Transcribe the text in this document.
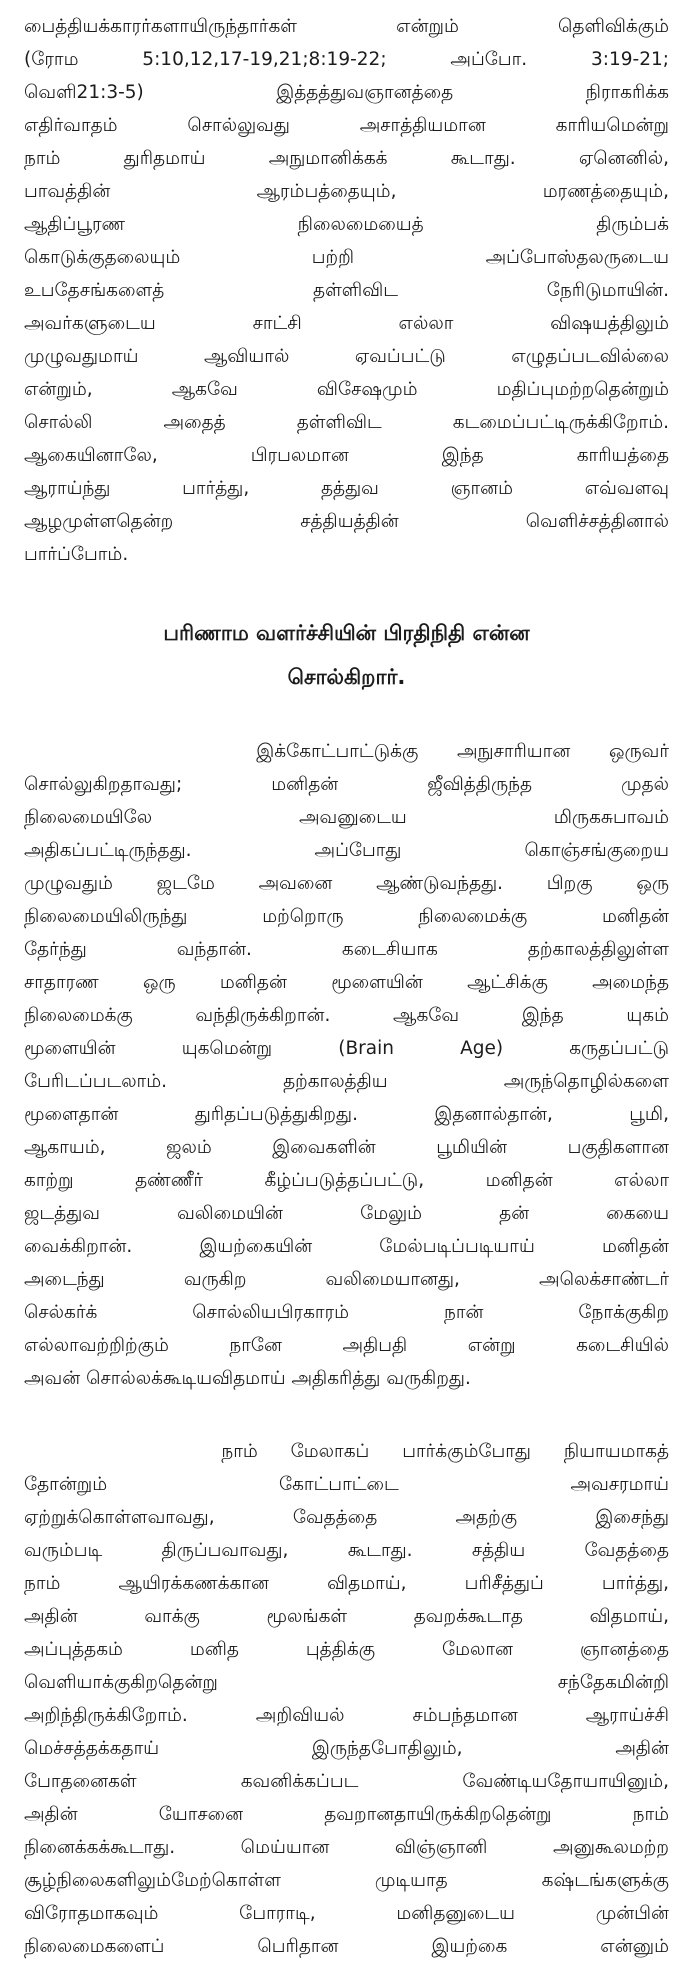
பைத்தியக்காரர்களாயிருந்தார்கள் என்றும் தெளிவிக்கும்
(ரோம 5:10,12,17-19,21;8:19-22; அப்போ. 3:19-21;
வெளி21:3-5) இத்தத்துவஞானத்தை நிராகரிக்க
எதிர்வாதம் சொல்லுவது அசாத்தியமான காரியமென்று
நாம் துரிதமாய் அநுமானிக்கக் கூடாது. ஏனெனில்,
பாவத்தின் ஆரம்பத்தையும், மரணத்தையும்,
ஆதிப்பூரண நிலைமையைத் திரும்பக்
கொடுக்குதலையும் பற்றி அப்போஸ்தலருடைய
உபதேசங்களைத் தள்ளிவிட நேரிடுமாயின்.
அவர்களுடைய சாட்சி எல்லா விஷயத்திலும்
முழுவதுமாய் ஆவியால் ஏவப்பட்டு எழுதப்படவில்லை
என்றும், ஆகவே விசேஷமும் மதிப்புமற்றதென்றும்
சொல்லி அதைத் தள்ளிவிட கடமைப்பட்டிருக்கிறோம்.
ஆகையினாலே, பிரபலமான இந்த காரியத்தை
ஆராய்ந்து பார்த்து, தத்துவ ஞானம் எவ்வளவு
ஆழமுள்ளதென்ற சத்தியத்தின் வெளிச்சத்தினால்
பார்ப்போம்.
பரிணாம வளர்ச்சியின் பிரதிநிதி என்ன
சொல்கிறார்.
இக்கோட்பாட்டுக்கு அநுசாரியான ஒருவர்
சொல்லுகிறதாவது; மனிதன் ஜீவித்திருந்த முதல்
நிலைமையிலே அவனுடைய மிருகசுபாவம்
அதிகப்பட்டிருந்தது. அப்போது கொஞ்சங்குறைய
முழுவதும் ஜடமே அவனை ஆண்டுவந்தது. பிறகு ஒரு
நிலைமையிலிருந்து மற்றொரு நிலைமைக்கு மனிதன்
தேர்ந்து வந்தான். கடைசியாக தற்காலத்திலுள்ள
சாதாரண ஒரு மனிதன் மூளையின் ஆட்சிக்கு அமைந்த
நிலைமைக்கு வந்திருக்கிறான். ஆகவே இந்த யுகம்
மூளையின் யுகமென்று (Brain Age) கருதப்பட்டு
பேரிடப்படலாம். தற்காலத்திய அருந்தொழில்களை
மூளைதான் துரிதப்படுத்துகிறது. இதனால்தான், பூமி,
ஆகாயம், ஜலம் இவைகளின் பூமியின் பகுதிகளான
காற்று தண்ணீர் கீழ்ப்படுத்தப்பட்டு, மனிதன் எல்லா
ஜடத்துவ வலிமையின் மேலும் தன் கையை
வைக்கிறான். இயற்கையின் மேல்படிப்படியாய் மனிதன்
அடைந்து வருகிற வலிமையானது, அலெக்சாண்டர்
செல்கர்க் சொல்லியபிரகாரம் நான் நோக்குகிற
எல்லாவற்றிற்கும் நானே அதிபதி என்று கடைசியில்
அவன் சொல்லக்கூடியவிதமாய் அதிகரித்து வருகிறது.
நாம் மேலாகப் பார்க்கும்போது நியாயமாகத்
தோன்றும் கோட்பாட்டை அவசரமாய்
ஏற்றுக்கொள்ளவாவது, வேதத்தை அதற்கு இசைந்து
வரும்படி திருப்பவாவது, கூடாது. சத்திய வேதத்தை
நாம் ஆயிரக்கணக்கான விதமாய், பரிசீத்துப் பார்த்து,
அதின் வாக்கு மூலங்கள் தவறக்கூடாத விதமாய்,
அப்புத்தகம் மனித புத்திக்கு மேலான ஞானத்தை
வெளியாக்குகிறதென்று சந்தேகமின்றி
அறிந்திருக்கிறோம். அறிவியல் சம்பந்தமான ஆராய்ச்சி
மெச்சத்தக்கதாய் இருந்தபோதிலும், அதின்
போதனைகள் கவனிக்கப்பட வேண்டியதோயாயினும்,
அதின் யோசனை தவறானதாயிருக்கிறதென்று நாம்
நினைக்கக்கூடாது. மெய்யான விஞ்ஞானி அனுகூலமற்ற
சூழ்நிலைகளிலும்மேற்கொள்ள முடியாத கஷ்டங்களுக்கு
விரோதமாகவும் போராடி, மனிதனுடைய முன்பின்
நிலைமைகளைப் பெரிதான இயற்கை என்னும்
